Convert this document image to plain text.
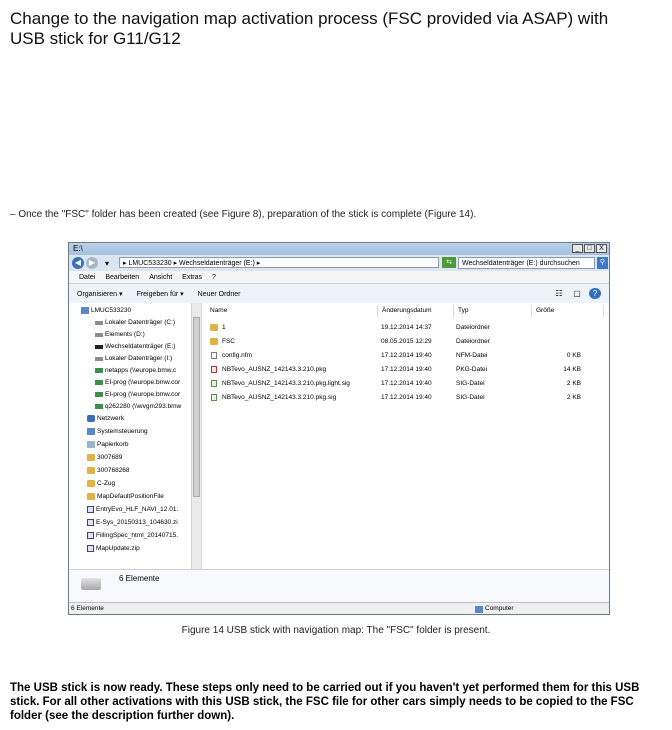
Change to the navigation map activation process (FSC provided via ASAP) with USB stick for G11/G12
– Once the "FSC" folder has been created (see Figure 8), preparation of the stick is complete (Figure 14).
E:\	_	□	X
◀ ▶	▾	▸ LMUC533230 ▸ Wechseldatenträger (E:) ▸	⇆	Wechseldatenträger (E:) durchsuchen	⚲
Datei Bearbeiten Ansicht Extras ?
Organisieren ▾ Freigeben für ▾ Neuer Ordner	☷	▢	?
LMUC533230
Lokaler Datenträger (C:)
Elements (D:)
Wechseldatenträger (E:)
Lokaler Datenträger (I:)
netapps (\\europe.bmw.c
EI-prog (\\europe.bmw.cor
EI-prog (\\europe.bmw.cor
q262280 (\\wvgm293.bmw
Netzwerk
Systemsteuerung
Papierkorb
3007689
300768268
C-Zug
MapDefaultPositionFile
EntryEvo_HLF_NAVI_12.01.
E-Sys_20150313_104630.zi
FillingSpec_html_20140715.
MapUpdate.zip
Name	Änderungsdatum	Typ	Größe
1	19.12.2014 14:37	Dateiordner
FSC	08.05.2015 12:29	Dateiordner
config.nfm	17.12.2014 19:40	NFM-Datei	0 KB
NBTevo_AUSNZ_142143.3.210.pkg	17.12.2014 19:40	PKG-Datei	14 KB
NBTevo_AUSNZ_142143.3.210.pkg.light.sig	17.12.2014 19:40	SIG-Datei	2 KB
NBTevo_AUSNZ_142143.3.210.pkg.sig	17.12.2014 19:40	SIG-Datei	2 KB
6 Elemente
6 Elemente	Computer
Figure 14 USB stick with navigation map: The "FSC" folder is present.
The USB stick is now ready. These steps only need to be carried out if you haven't yet performed them for this USB stick. For all other activations with this USB stick, the FSC file for other cars simply needs to be copied to the FSC folder (see the description further down).
